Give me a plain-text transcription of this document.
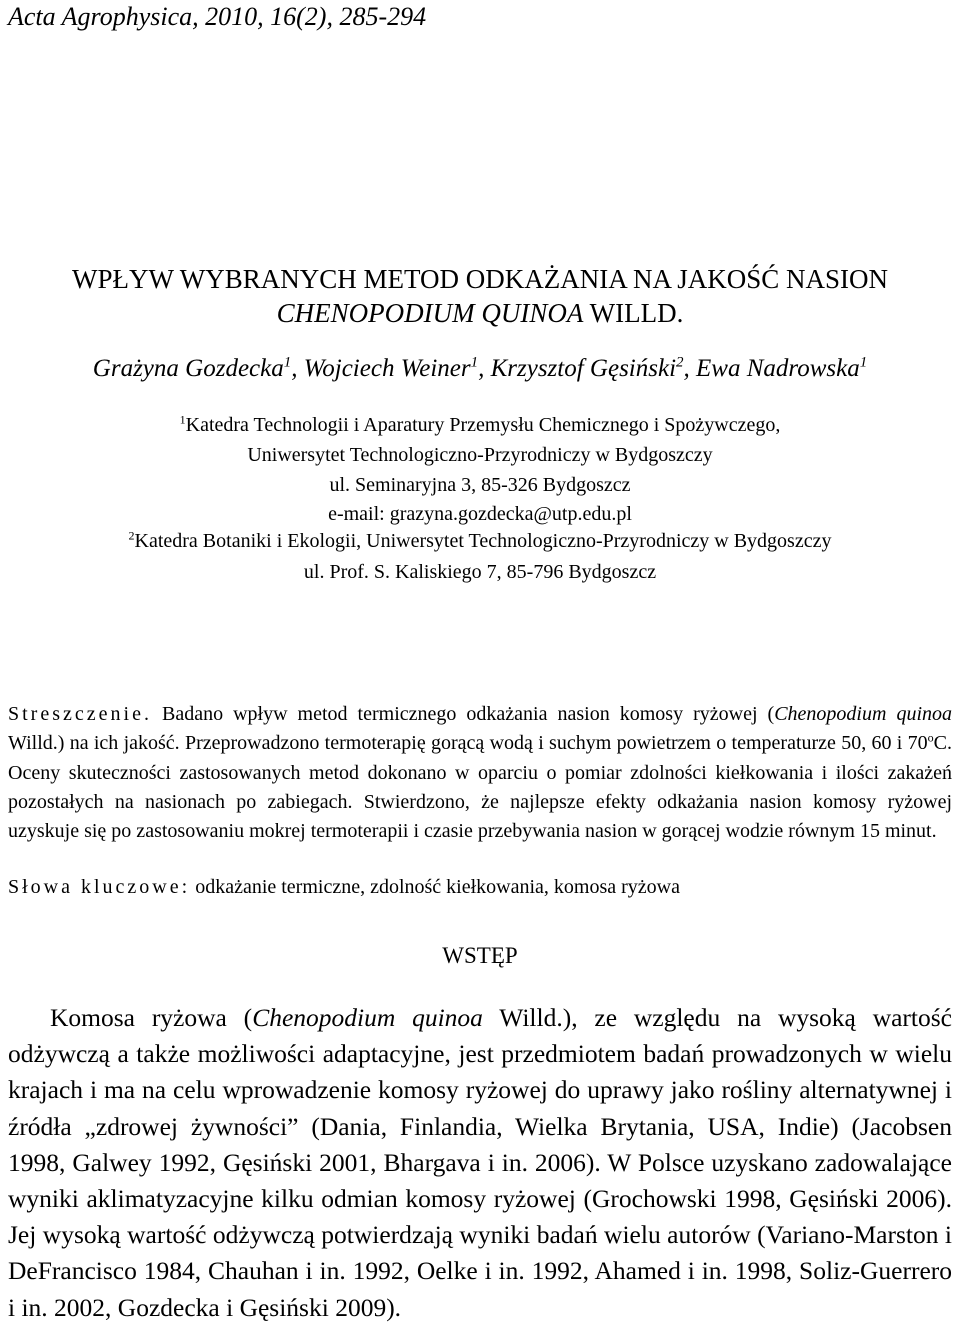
Acta Agrophysica, 2010, 16(2), 285-294
WPŁYW WYBRANYCH METOD ODKAŻANIA NA JAKOŚĆ NASION
CHENOPODIUM QUINOA WILLD.
Grażyna Gozdecka$^1$, Wojciech Weiner$^1$, Krzysztof Gęsiński$^2$, Ewa Nadrowska$^1$
$^1$Katedra Technologii i Aparatury Przemysłu Chemicznego i Spożywczego,
Uniwersytet Technologiczno-Przyrodniczy w Bydgoszczy
ul. Seminaryjna 3, 85-326 Bydgoszcz
e-mail: grazyna.gozdecka@utp.edu.pl
$^2$Katedra Botaniki i Ekologii, Uniwersytet Technologiczno-Przyrodniczy w Bydgoszczy
ul. Prof. S. Kaliskiego 7, 85-796 Bydgoszcz
Streszczenie. Badano wpływ metod termicznego odkażania nasion komosy ryżowej (Chenopodium quinoa Willd.) na ich jakość. Przeprowadzono termoterapię gorącą wodą i suchym powietrzem o temperaturze 50, 60 i 70$^o$C. Oceny skuteczności zastosowanych metod dokonano w oparciu o pomiar zdolności kiełkowania i ilości zakażeń pozostałych na nasionach po zabiegach. Stwierdzono, że najlepsze efekty odkażania nasion komosy ryżowej uzyskuje się po zastosowaniu mokrej termoterapii i czasie przebywania nasion w gorącej wodzie równym 15 minut.
Słowa kluczowe: odkażanie termiczne, zdolność kiełkowania, komosa ryżowa
WSTĘP
Komosa ryżowa (Chenopodium quinoa Willd.), ze względu na wysoką wartość odżywczą a także możliwości adaptacyjne, jest przedmiotem badań prowadzonych w wielu krajach i ma na celu wprowadzenie komosy ryżowej do uprawy jako rośliny alternatywnej i źródła „zdrowej żywności” (Dania, Finlandia, Wielka Brytania, USA, Indie) (Jacobsen 1998, Galwey 1992, Gęsiński 2001, Bhargava i in. 2006). W Polsce uzyskano zadowalające wyniki aklimatyzacyjne kilku odmian komosy ryżowej (Grochowski 1998, Gęsiński 2006). Jej wysoką wartość odżywczą potwierdzają wyniki badań wielu autorów (Variano-Marston i DeFrancisco 1984, Chauhan i in. 1992, Oelke i in. 1992, Ahamed i in. 1998, Soliz-Guerrero i in. 2002, Gozdecka i Gęsiński 2009).
